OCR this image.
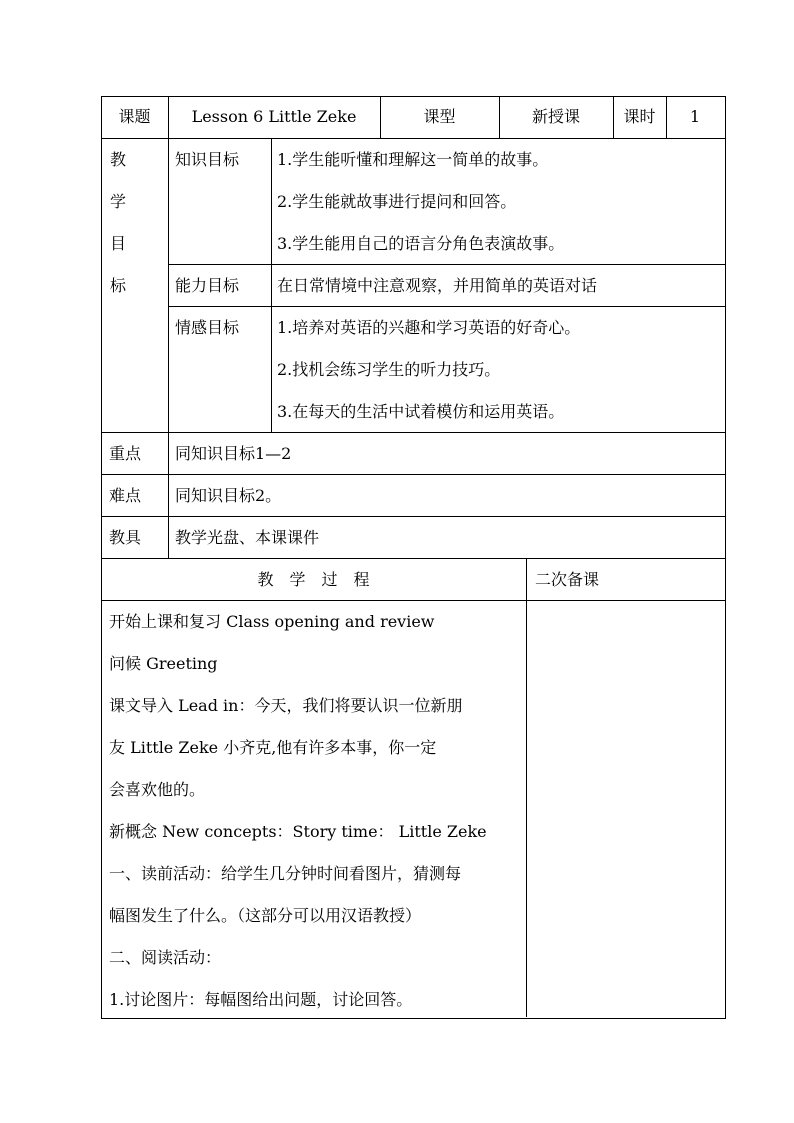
课题	Lesson 6 Little Zeke	课型	新授课	课时	1
教
学
目
标
知识目标 1.学生能听懂和理解这一简单的故事。
2.学生能就故事进行提问和回答。
3.学生能用自己的语言分角色表演故事。
能力目标 在日常情境中注意观察，并用简单的英语对话
情感目标 1.培养对英语的兴趣和学习英语的好奇心。
2.找机会练习学生的听力技巧。
3.在每天的生活中试着模仿和运用英语。
重点 同知识目标1—2
难点 同知识目标2。
教具 教学光盘、本课课件
教　学　过　程	二次备课
开始上课和复习 Class opening and review
问候 Greeting
课文导入 Lead in：今天，我们将要认识一位新朋
友 Little Zeke 小齐克,他有许多本事，你一定
会喜欢他的。
新概念 New concepts：Story time： Little Zeke
一、读前活动：给学生几分钟时间看图片，猜测每
幅图发生了什么。（这部分可以用汉语教授）
二、阅读活动：
1.讨论图片：每幅图给出问题，讨论回答。
